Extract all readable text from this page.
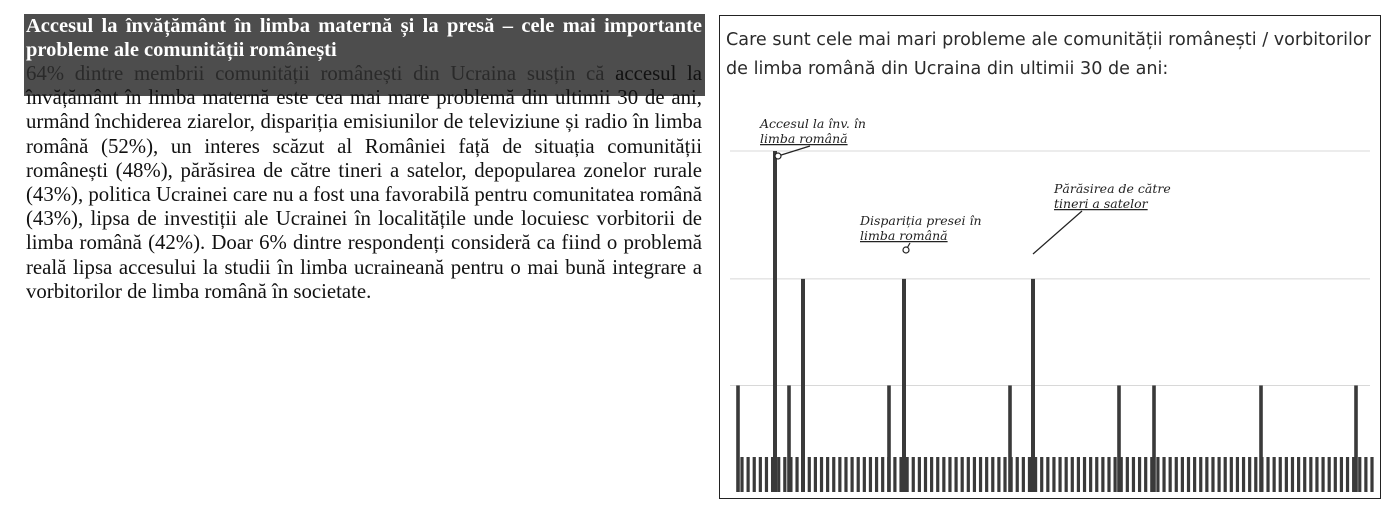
Accesul la învățământ în limba maternă și la presă – cele mai importante probleme ale comunității românești

64% dintre membrii comunității românești din Ucraina susțin că accesul la învățământ în limba maternă este cea mai mare problemă din ultimii 30 de ani, urmând închiderea ziarelor, dispariția emisiunilor de televiziune și radio în limba română (52%), un interes scăzut al României față de situația comunității românești (48%), părăsirea de către tineri a satelor, depopularea zonelor rurale (43%), politica Ucrainei care nu a fost una favorabilă pentru comunitatea română (43%), lipsa de investiții ale Ucrainei în localitățile unde locuiesc vorbitorii de limba română (42%). Doar 6% dintre respondenți consideră ca fiind o problemă reală lipsa accesului la studii în limba ucraineană pentru o mai bună integrare a vorbitorilor de limba română în societate.

Care sunt cele mai mari probleme ale comunității românești / vorbitorilor de limba română din Ucraina din ultimii 30 de ani:

Accesul la înv. în
limba română
Dispariția presei în
limba română
Părăsirea de către
tineri a satelor
